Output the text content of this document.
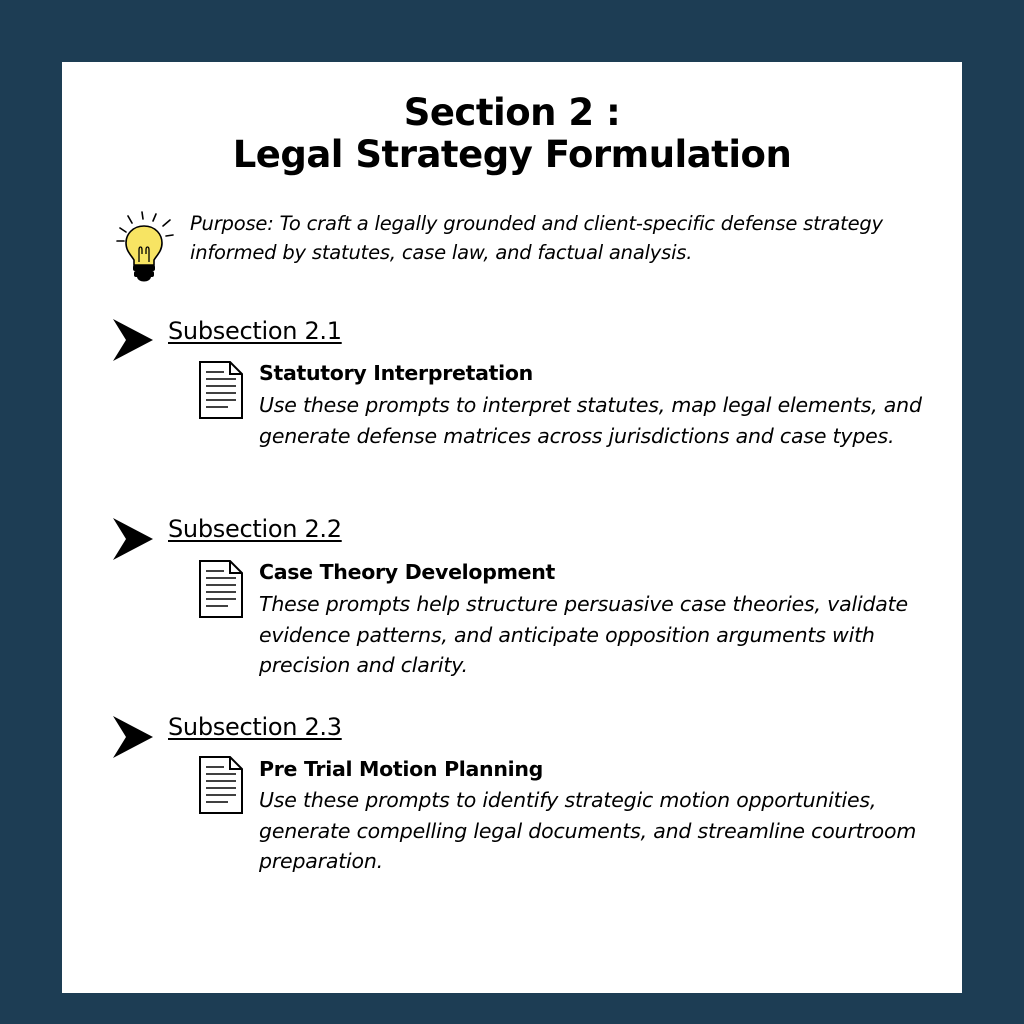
Section 2 :
Legal Strategy Formulation
Purpose: To craft a legally grounded and client-specific defense strategy informed by statutes, case law, and factual analysis.
Subsection 2.1
Statutory Interpretation
Use these prompts to interpret statutes, map legal elements, and generate defense matrices across jurisdictions and case types.
Subsection 2.2
Case Theory Development
These prompts help structure persuasive case theories, validate evidence patterns, and anticipate opposition arguments with precision and clarity.
Subsection 2.3
Pre Trial Motion Planning
Use these prompts to identify strategic motion opportunities, generate compelling legal documents, and streamline courtroom preparation.
